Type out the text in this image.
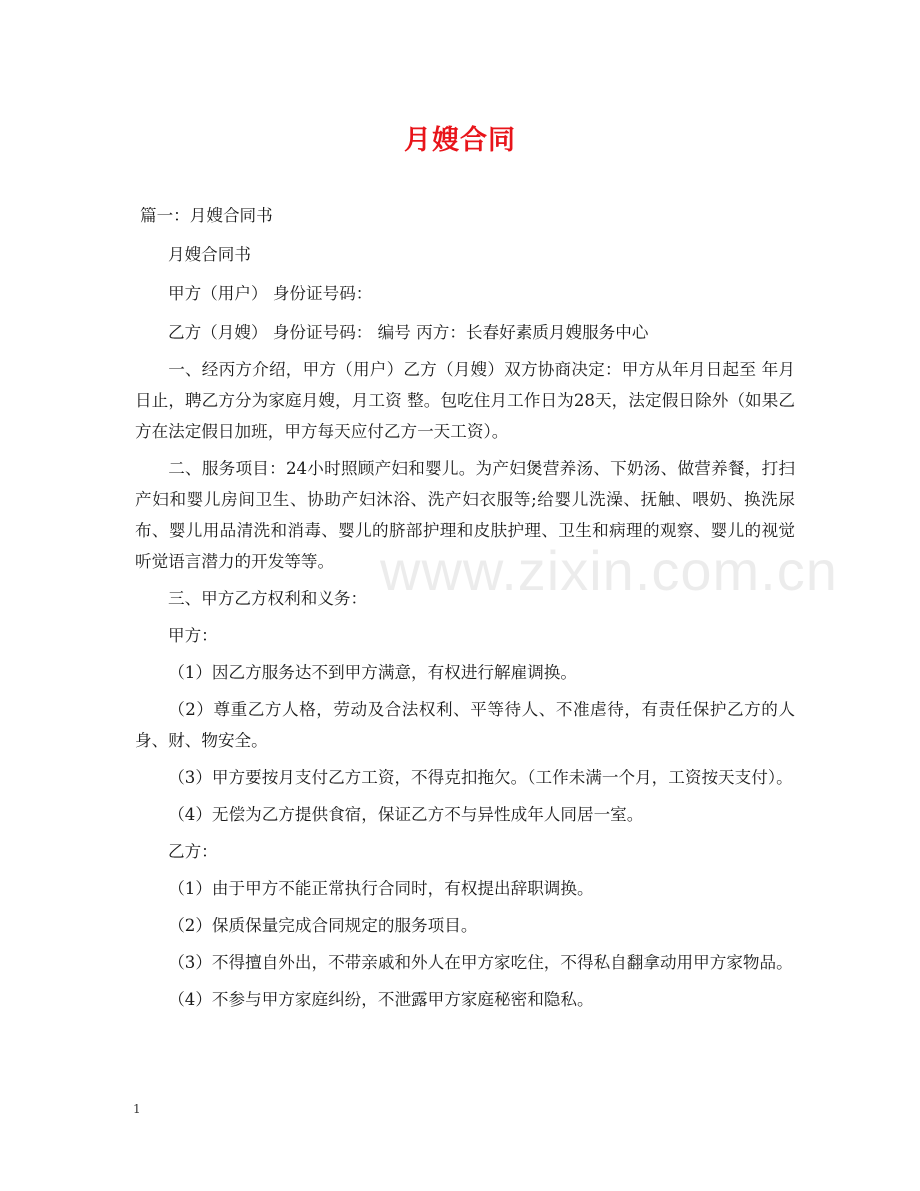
月嫂合同

篇一：月嫂合同书

月嫂合同书

甲方（用户） 身份证号码：

乙方（月嫂） 身份证号码： 编号 丙方：长春好素质月嫂服务中心

一、经丙方介绍，甲方（用户）乙方（月嫂）双方协商决定：甲方从年月日起至 年月 日止，聘乙方分为家庭月嫂，月工资 整。包吃住月工作日为28天，法定假日除外（如果乙方在法定假日加班，甲方每天应付乙方一天工资）。

二、服务项目：24小时照顾产妇和婴儿。为产妇煲营养汤、下奶汤、做营养餐，打扫产妇和婴儿房间卫生、协助产妇沐浴、洗产妇衣服等;给婴儿洗澡、抚触、喂奶、换洗尿布、婴儿用品清洗和消毒、婴儿的脐部护理和皮肤护理、卫生和病理的观察、婴儿的视觉听觉语言潜力的开发等等。

三、甲方乙方权利和义务：

甲方：

（1）因乙方服务达不到甲方满意，有权进行解雇调换。

（2）尊重乙方人格，劳动及合法权利、平等待人、不准虐待，有责任保护乙方的人身、财、物安全。

（3）甲方要按月支付乙方工资，不得克扣拖欠。（工作未满一个月，工资按天支付）。

（4）无偿为乙方提供食宿，保证乙方不与异性成年人同居一室。

乙方：

（1）由于甲方不能正常执行合同时，有权提出辞职调换。

（2）保质保量完成合同规定的服务项目。

（3）不得擅自外出，不带亲戚和外人在甲方家吃住，不得私自翻拿动用甲方家物品。

（4）不参与甲方家庭纠纷，不泄露甲方家庭秘密和隐私。

www.zixin.com.cn
1
